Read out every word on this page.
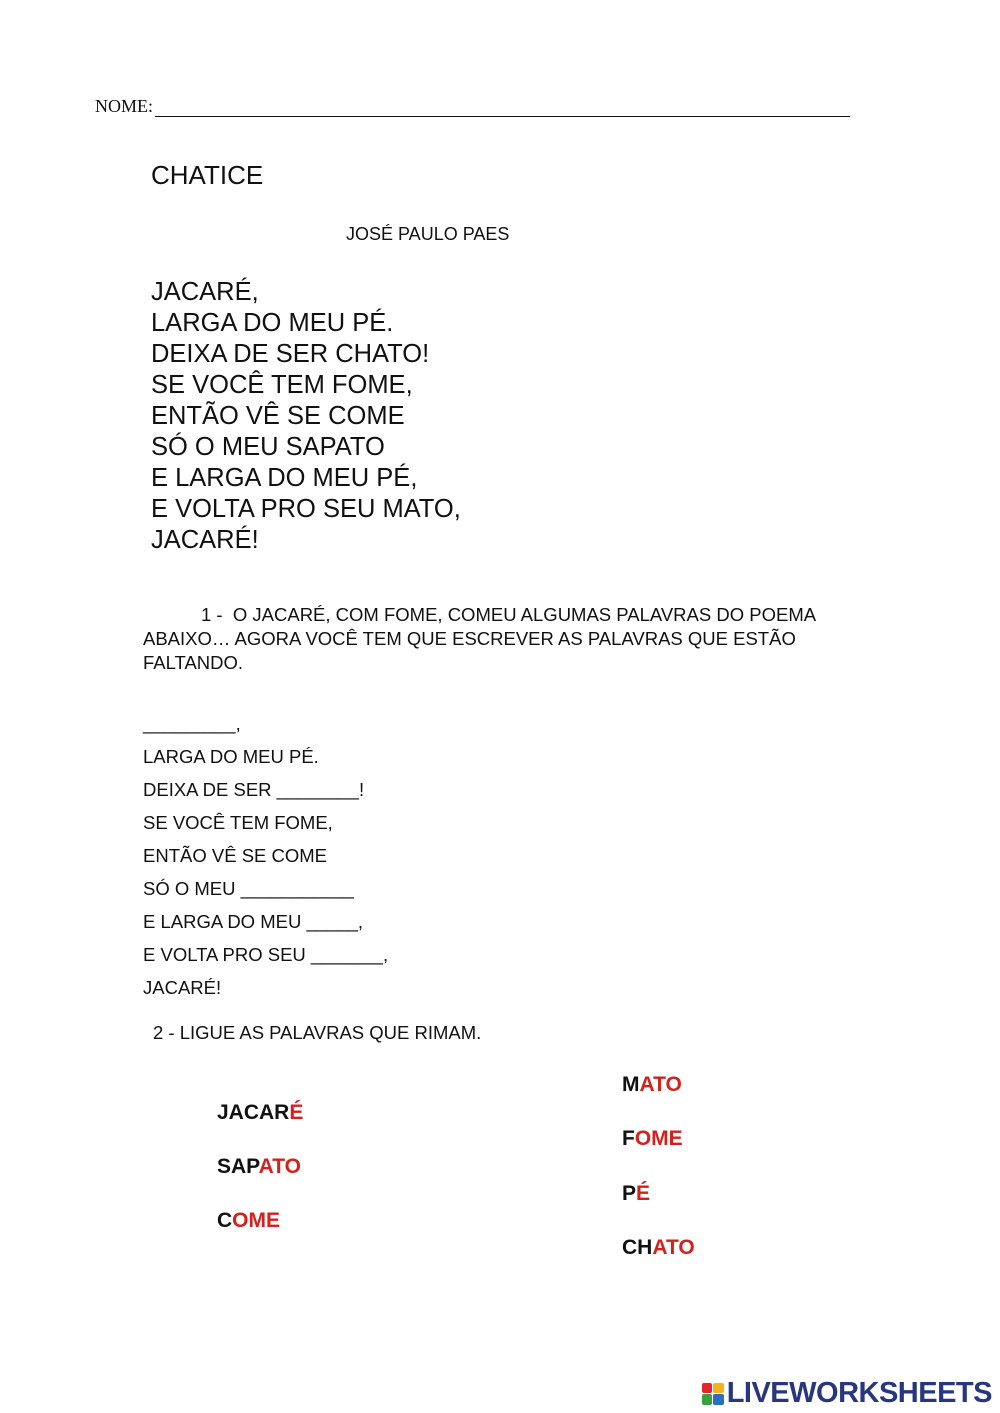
NOME:
CHATICE
JOSÉ PAULO PAES
JACARÉ,
LARGA DO MEU PÉ.
DEIXA DE SER CHATO!
SE VOCÊ TEM FOME,
ENTÃO VÊ SE COME
SÓ O MEU SAPATO
E LARGA DO MEU PÉ,
E VOLTA PRO SEU MATO,
JACARÉ!
1 - O JACARÉ, COM FOME, COMEU ALGUMAS PALAVRAS DO POEMA ABAIXO… AGORA VOCÊ TEM QUE ESCREVER AS PALAVRAS QUE ESTÃO FALTANDO.
_________,
LARGA DO MEU PÉ.
DEIXA DE SER ________!
SE VOCÊ TEM FOME,
ENTÃO VÊ SE COME
SÓ O MEU ___________
E LARGA DO MEU _____,
E VOLTA PRO SEU _______,
JACARÉ!
2 - LIGUE AS PALAVRAS QUE RIMAM.
JACARÉ
SAPATO
COME
MATO
FOME
PÉ
CHATO
LIVEWORKSHEETS
